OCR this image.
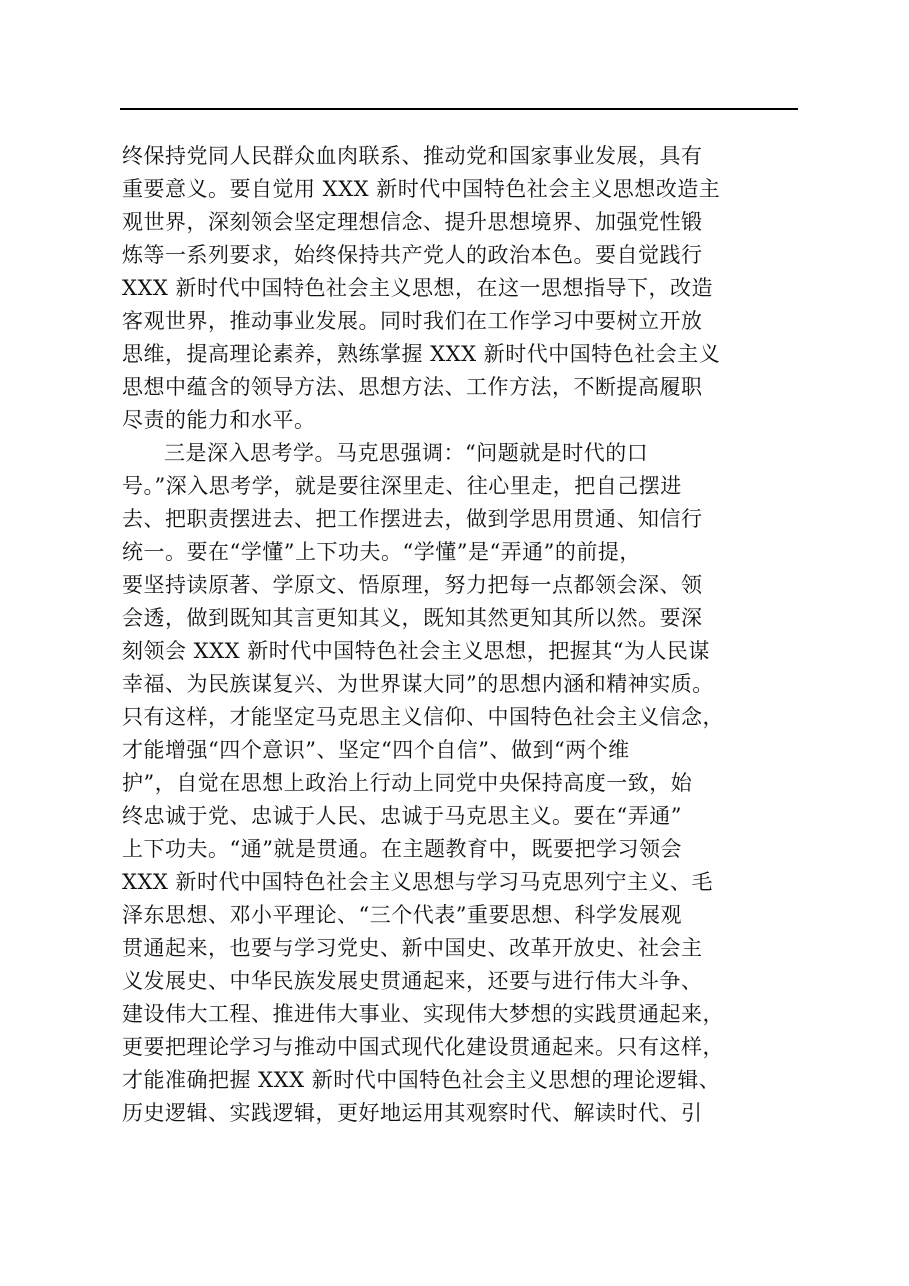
终保持党同人民群众血肉联系、推动党和国家事业发展，具有
重要意义。要自觉用 XXX 新时代中国特色社会主义思想改造主
观世界，深刻领会坚定理想信念、提升思想境界、加强党性锻
炼等一系列要求，始终保持共产党人的政治本色。要自觉践行
XXX 新时代中国特色社会主义思想，在这一思想指导下，改造
客观世界，推动事业发展。同时我们在工作学习中要树立开放
思维，提高理论素养，熟练掌握 XXX 新时代中国特色社会主义
思想中蕴含的领导方法、思想方法、工作方法，不断提高履职
尽责的能力和水平。
三是深入思考学。马克思强调：“问题就是时代的口
号。”深入思考学，就是要往深里走、往心里走，把自己摆进
去、把职责摆进去、把工作摆进去，做到学思用贯通、知信行
统一。要在“学懂”上下功夫。“学懂”是“弄通”的前提，
要坚持读原著、学原文、悟原理，努力把每一点都领会深、领
会透，做到既知其言更知其义，既知其然更知其所以然。要深
刻领会 XXX 新时代中国特色社会主义思想，把握其“为人民谋
幸福、为民族谋复兴、为世界谋大同”的思想内涵和精神实质。
只有这样，才能坚定马克思主义信仰、中国特色社会主义信念，
才能增强“四个意识”、坚定“四个自信”、做到“两个维
护”，自觉在思想上政治上行动上同党中央保持高度一致，始
终忠诚于党、忠诚于人民、忠诚于马克思主义。要在“弄通”
上下功夫。“通”就是贯通。在主题教育中，既要把学习领会
XXX 新时代中国特色社会主义思想与学习马克思列宁主义、毛
泽东思想、邓小平理论、“三个代表”重要思想、科学发展观
贯通起来，也要与学习党史、新中国史、改革开放史、社会主
义发展史、中华民族发展史贯通起来，还要与进行伟大斗争、
建设伟大工程、推进伟大事业、实现伟大梦想的实践贯通起来，
更要把理论学习与推动中国式现代化建设贯通起来。只有这样，
才能准确把握 XXX 新时代中国特色社会主义思想的理论逻辑、
历史逻辑、实践逻辑，更好地运用其观察时代、解读时代、引
